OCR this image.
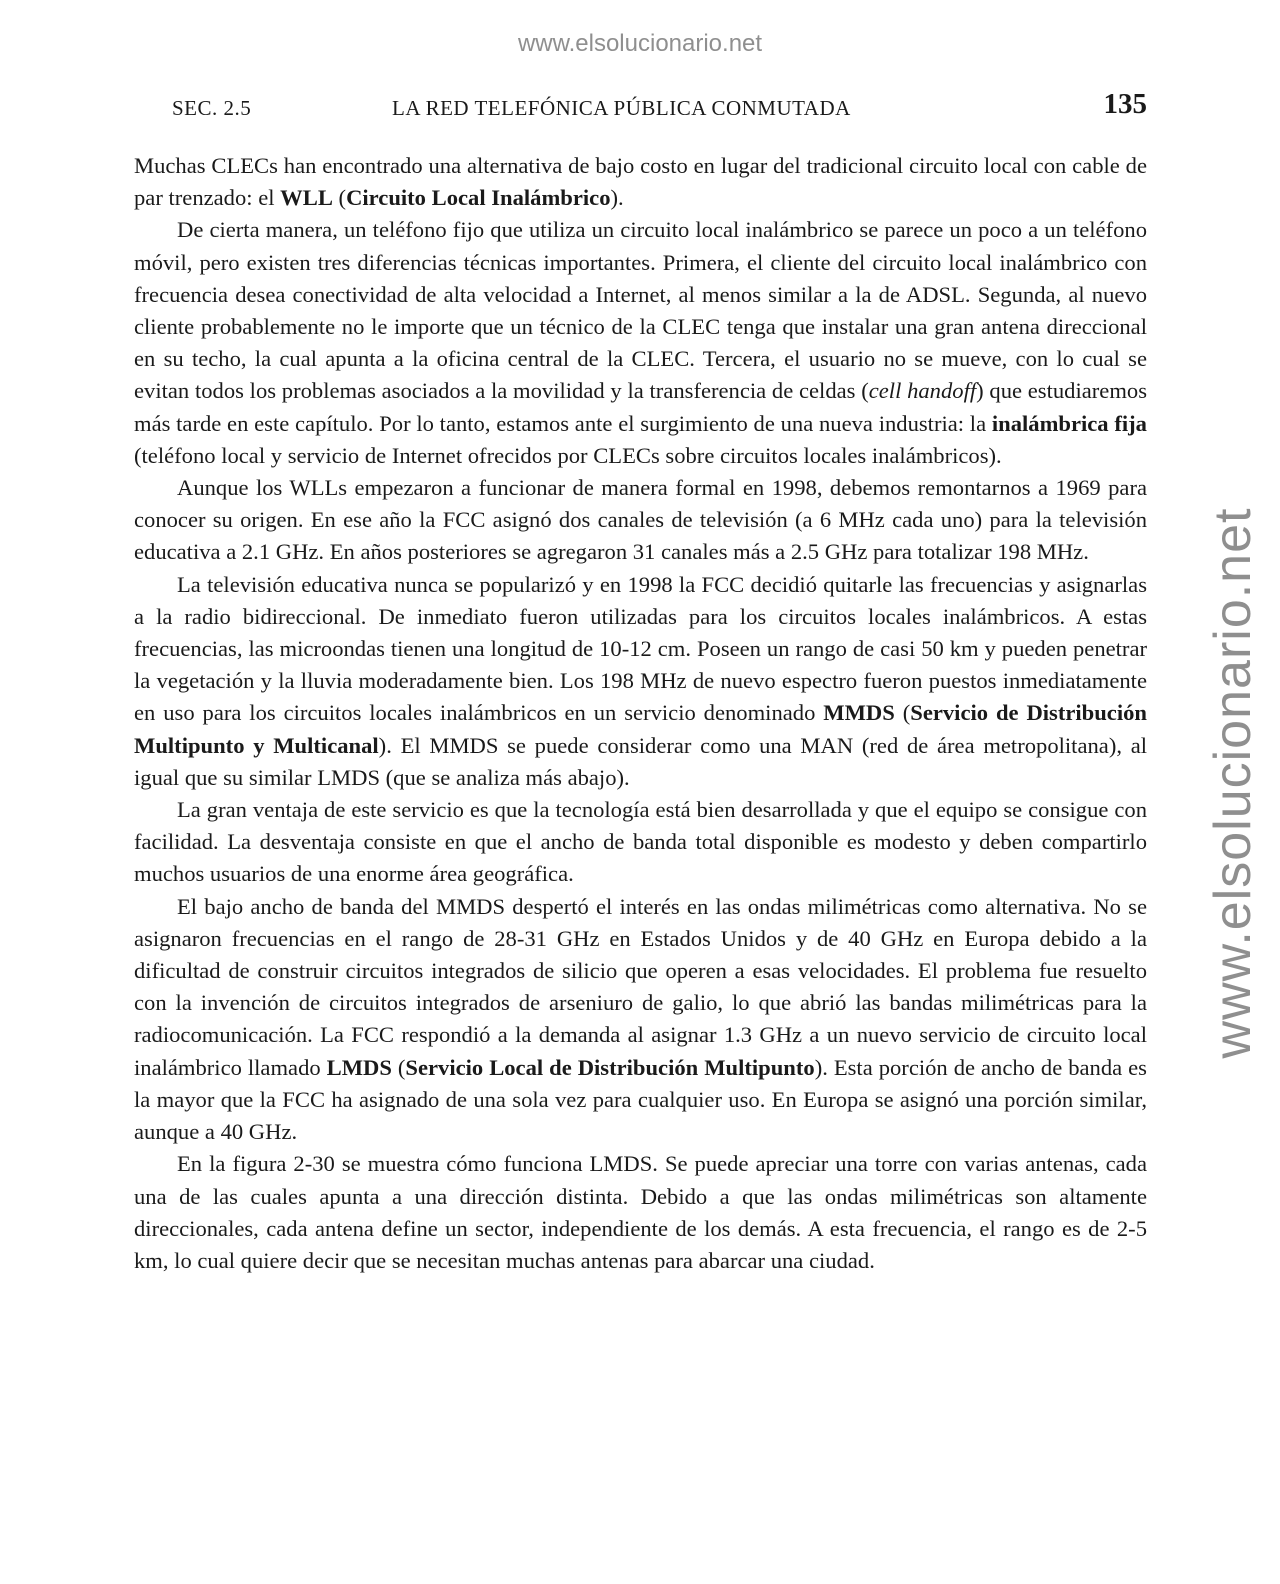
www.elsolucionario.net
www.elsolucionario.net
SEC. 2.5	LA RED TELEFÓNICA PÚBLICA CONMUTADA	135

Muchas CLECs han encontrado una alternativa de bajo costo en lugar del tradicional circuito local con cable de par trenzado: el WLL (Circuito Local Inalámbrico).

De cierta manera, un teléfono fijo que utiliza un circuito local inalámbrico se parece un poco a un teléfono móvil, pero existen tres diferencias técnicas importantes. Primera, el cliente del circuito local inalámbrico con frecuencia desea conectividad de alta velocidad a Internet, al menos similar a la de ADSL. Segunda, al nuevo cliente probablemente no le importe que un técnico de la CLEC tenga que instalar una gran antena direccional en su techo, la cual apunta a la oficina central de la CLEC. Tercera, el usuario no se mueve, con lo cual se evitan todos los problemas asociados a la movilidad y la transferencia de celdas (cell handoff) que estudiaremos más tarde en este capítulo. Por lo tanto, estamos ante el surgimiento de una nueva industria: la inalámbrica fija (teléfono local y servicio de Internet ofrecidos por CLECs sobre circuitos locales inalámbricos).

Aunque los WLLs empezaron a funcionar de manera formal en 1998, debemos remontarnos a 1969 para conocer su origen. En ese año la FCC asignó dos canales de televisión (a 6 MHz cada uno) para la televisión educativa a 2.1 GHz. En años posteriores se agregaron 31 canales más a 2.5 GHz para totalizar 198 MHz.

La televisión educativa nunca se popularizó y en 1998 la FCC decidió quitarle las frecuencias y asignarlas a la radio bidireccional. De inmediato fueron utilizadas para los circuitos locales inalámbricos. A estas frecuencias, las microondas tienen una longitud de 10-12 cm. Poseen un rango de casi 50 km y pueden penetrar la vegetación y la lluvia moderadamente bien. Los 198 MHz de nuevo espectro fueron puestos inmediatamente en uso para los circuitos locales inalámbricos en un servicio denominado MMDS (Servicio de Distribución Multipunto y Multicanal). El MMDS se puede considerar como una MAN (red de área metropolitana), al igual que su similar LMDS (que se analiza más abajo).

La gran ventaja de este servicio es que la tecnología está bien desarrollada y que el equipo se consigue con facilidad. La desventaja consiste en que el ancho de banda total disponible es modesto y deben compartirlo muchos usuarios de una enorme área geográfica.

El bajo ancho de banda del MMDS despertó el interés en las ondas milimétricas como alternativa. No se asignaron frecuencias en el rango de 28-31 GHz en Estados Unidos y de 40 GHz en Europa debido a la dificultad de construir circuitos integrados de silicio que operen a esas velocidades. El problema fue resuelto con la invención de circuitos integrados de arseniuro de galio, lo que abrió las bandas milimétricas para la radiocomunicación. La FCC respondió a la demanda al asignar 1.3 GHz a un nuevo servicio de circuito local inalámbrico llamado LMDS (Servicio Local de Distribución Multipunto). Esta porción de ancho de banda es la mayor que la FCC ha asignado de una sola vez para cualquier uso. En Europa se asignó una porción similar, aunque a 40 GHz.

En la figura 2-30 se muestra cómo funciona LMDS. Se puede apreciar una torre con varias antenas, cada una de las cuales apunta a una dirección distinta. Debido a que las ondas milimétricas son altamente direccionales, cada antena define un sector, independiente de los demás. A esta frecuencia, el rango es de 2-5 km, lo cual quiere decir que se necesitan muchas antenas para abarcar una ciudad.
